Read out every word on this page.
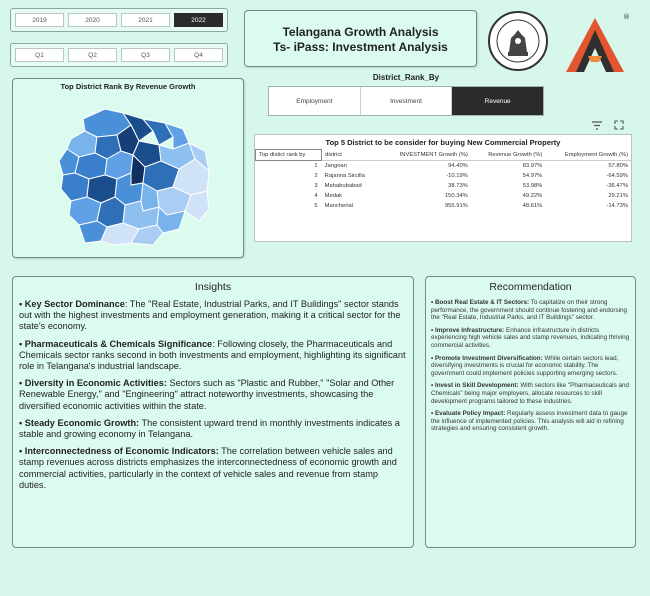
2019	2020	2021	2022
Q1	Q2	Q3	Q4
Telangana Growth Analysis
Ts- iPass: Investment Analysis
®
Top District Rank By Revenue Growth
District_Rank_By
Employment	Investment	Revenue
Top 5 District to be consider for buying New Commercial Property
Top distict rank by	district	INVESTMENT Growth (%)	Revenue Growth (%)	Employment Growth (%)
1	Jangoan	94.40%	83.97%	57.80%
2	Rajanna Sircilla	-10.19%	54.97%	-64.59%
3	Mahabubabad	38.73%	53.98%	-36.47%
4	Medak	150.34%	49.22%	29.21%
5	Mancherial	955.91%	48.61%	-14.73%
Insights

• Key Sector Dominance: The "Real Estate, Industrial Parks, and IT Buildings" sector stands out with the highest investments and employment generation, making it a critical sector for the state's economy.

• Pharmaceuticals & Chemicals Significance: Following closely, the Pharmaceuticals and Chemicals sector ranks second in both investments and employment, highlighting its significant role in Telangana's industrial landscape.

• Diversity in Economic Activities: Sectors such as "Plastic and Rubber," "Solar and Other Renewable Energy," and "Engineering" attract noteworthy investments, showcasing the diversified economic activities within the state.

• Steady Economic Growth: The consistent upward trend in monthly investments indicates a stable and growing economy in Telangana.

• Interconnectedness of Economic Indicators: The correlation between vehicle sales and stamp revenues across districts emphasizes the interconnectedness of economic growth and commercial activities, particularly in the context of vehicle sales and revenue from stamp duties.

Recommendation

• Boost Real Estate & IT Sectors: To capitalize on their strong performance, the government should continue fostering and endorsing the "Real Estate, Industrial Parks, and IT Buildings" sector.

• Improve Infrastructure: Enhance infrastructure in districts experiencing high vehicle sales and stamp revenues, indicating thriving commercial activities.

• Promote Investment Diversification: While certain sectors lead, diversifying investments is crucial for economic stability. The government could implement policies supporting emerging sectors.

• Invest in Skill Development: With sectors like "Pharmaceuticals and Chemicals" being major employers, allocate resources to skill development programs tailored to these industries.

• Evaluate Policy Impact: Regularly assess investment data to gauge the influence of implemented policies. This analysis will aid in refining strategies and ensuring consistent growth.
